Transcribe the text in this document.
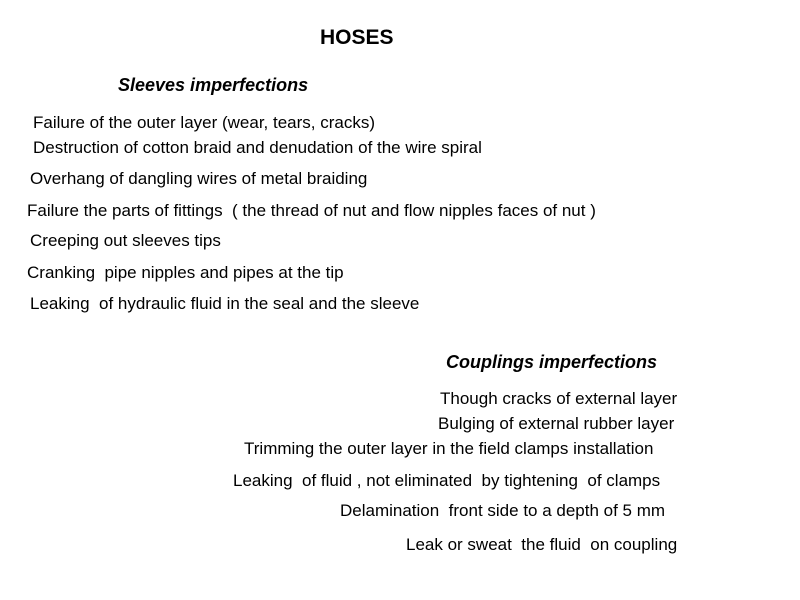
HOSES
Sleeves imperfections
Failure of the outer layer (wear, tears, cracks)
Destruction of cotton braid and denudation of the wire spiral
Overhang of dangling wires of metal braiding
Failure the parts of fittings  ( the thread of nut and flow nipples faces of nut )
Creeping out sleeves tips
Cranking  pipe nipples and pipes at the tip
Leaking  of hydraulic fluid in the seal and the sleeve
Couplings imperfections
Though cracks of external layer
Bulging of external rubber layer
Trimming the outer layer in the field clamps installation
Leaking  of fluid , not eliminated  by tightening  of clamps
Delamination  front side to a depth of 5 mm
Leak or sweat  the fluid  on coupling
